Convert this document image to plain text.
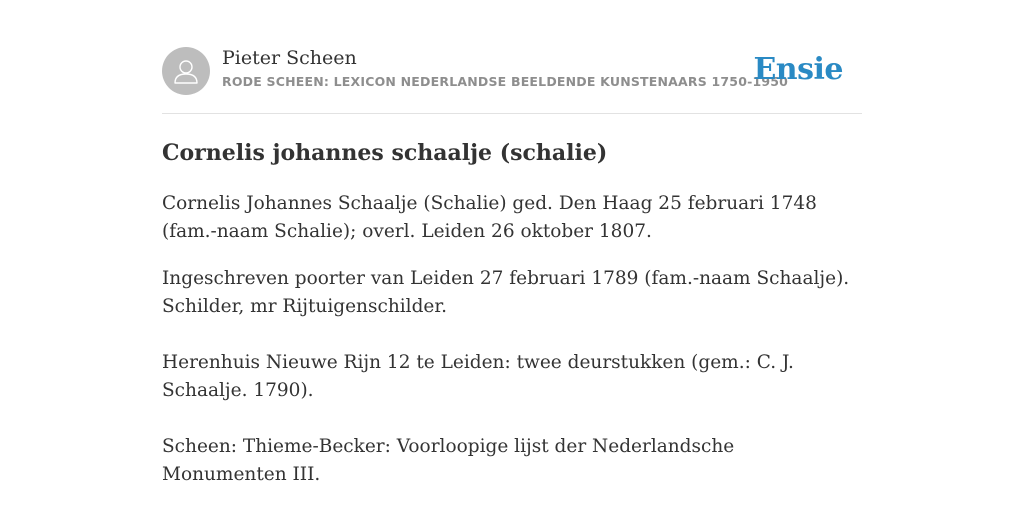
Pieter Scheen
RODE SCHEEN: LEXICON NEDERLANDSE BEELDENDE KUNSTENAARS 1750-1950
Ensie
Cornelis johannes schaalje (schalie)

Cornelis Johannes Schaalje (Schalie) ged. Den Haag 25 februari 1748 (fam.-naam Schalie); overl. Leiden 26 oktober 1807.

Ingeschreven poorter van Leiden 27 februari 1789 (fam.-naam Schaalje). Schilder, mr Rijtuigenschilder.

Herenhuis Nieuwe Rijn 12 te Leiden: twee deurstukken (gem.: C. J. Schaalje. 1790).

Scheen: Thieme-Becker: Voorloopige lijst der Nederlandsche Monumenten III.
